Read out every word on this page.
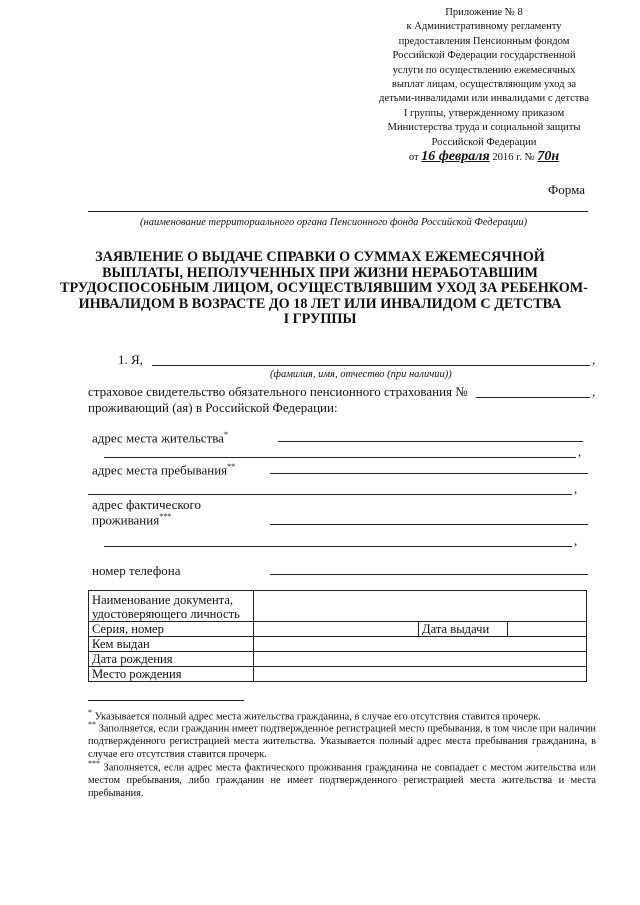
Приложение № 8
к Административному регламенту
предоставления Пенсионным фондом
Российской Федерации государственной
услуги по осуществлению ежемесячных
выплат лицам, осуществляющим уход за
детьми-инвалидами или инвалидами с детства
I группы, утвержденному приказом
Министерства труда и социальной защиты
Российской Федерации
от 16 февраля 2016 г. № 70н
Форма
(наименование территориального органа Пенсионного фонда Российской Федерации)
ЗАЯВЛЕНИЕ О ВЫДАЧЕ СПРАВКИ О СУММАХ ЕЖЕМЕСЯЧНОЙ
ВЫПЛАТЫ, НЕПОЛУЧЕННЫХ ПРИ ЖИЗНИ НЕРАБОТАВШИМ
ТРУДОСПОСОБНЫМ ЛИЦОМ, ОСУЩЕСТВЛЯВШИМ УХОД ЗА РЕБЕНКОМ-
ИНВАЛИДОМ В ВОЗРАСТЕ ДО 18 ЛЕТ ИЛИ ИНВАЛИДОМ С ДЕТСТВА
I ГРУППЫ
1. Я,	,
(фамилия, имя, отчество (при наличии))
страховое свидетельство обязательного пенсионного страхования №	,
проживающий (ая) в Российской Федерации:
адрес места жительства*
,
адрес места пребывания**
,
адрес фактического
проживания***
,
номер телефона
Наименование документа,
удостоверяющего личность			

Серия, номер		Дата выдачи	
Кем выдан			
Дата рождения			
Место рождения			
* Указывается полный адрес места жительства гражданина, в случае его отсутствия ставится прочерк.
** Заполняется, если гражданин имеет подтвержденное регистрацией место пребывания, в том числе при наличии подтвержденного регистрацией места жительства. Указывается полный адрес места пребывания гражданина, в случае его отсутствия ставится прочерк.
*** Заполняется, если адрес места фактического проживания гражданина не совпадает с местом жительства или местом пребывания, либо гражданин не имеет подтвержденного регистрацией места жительства и места пребывания.
